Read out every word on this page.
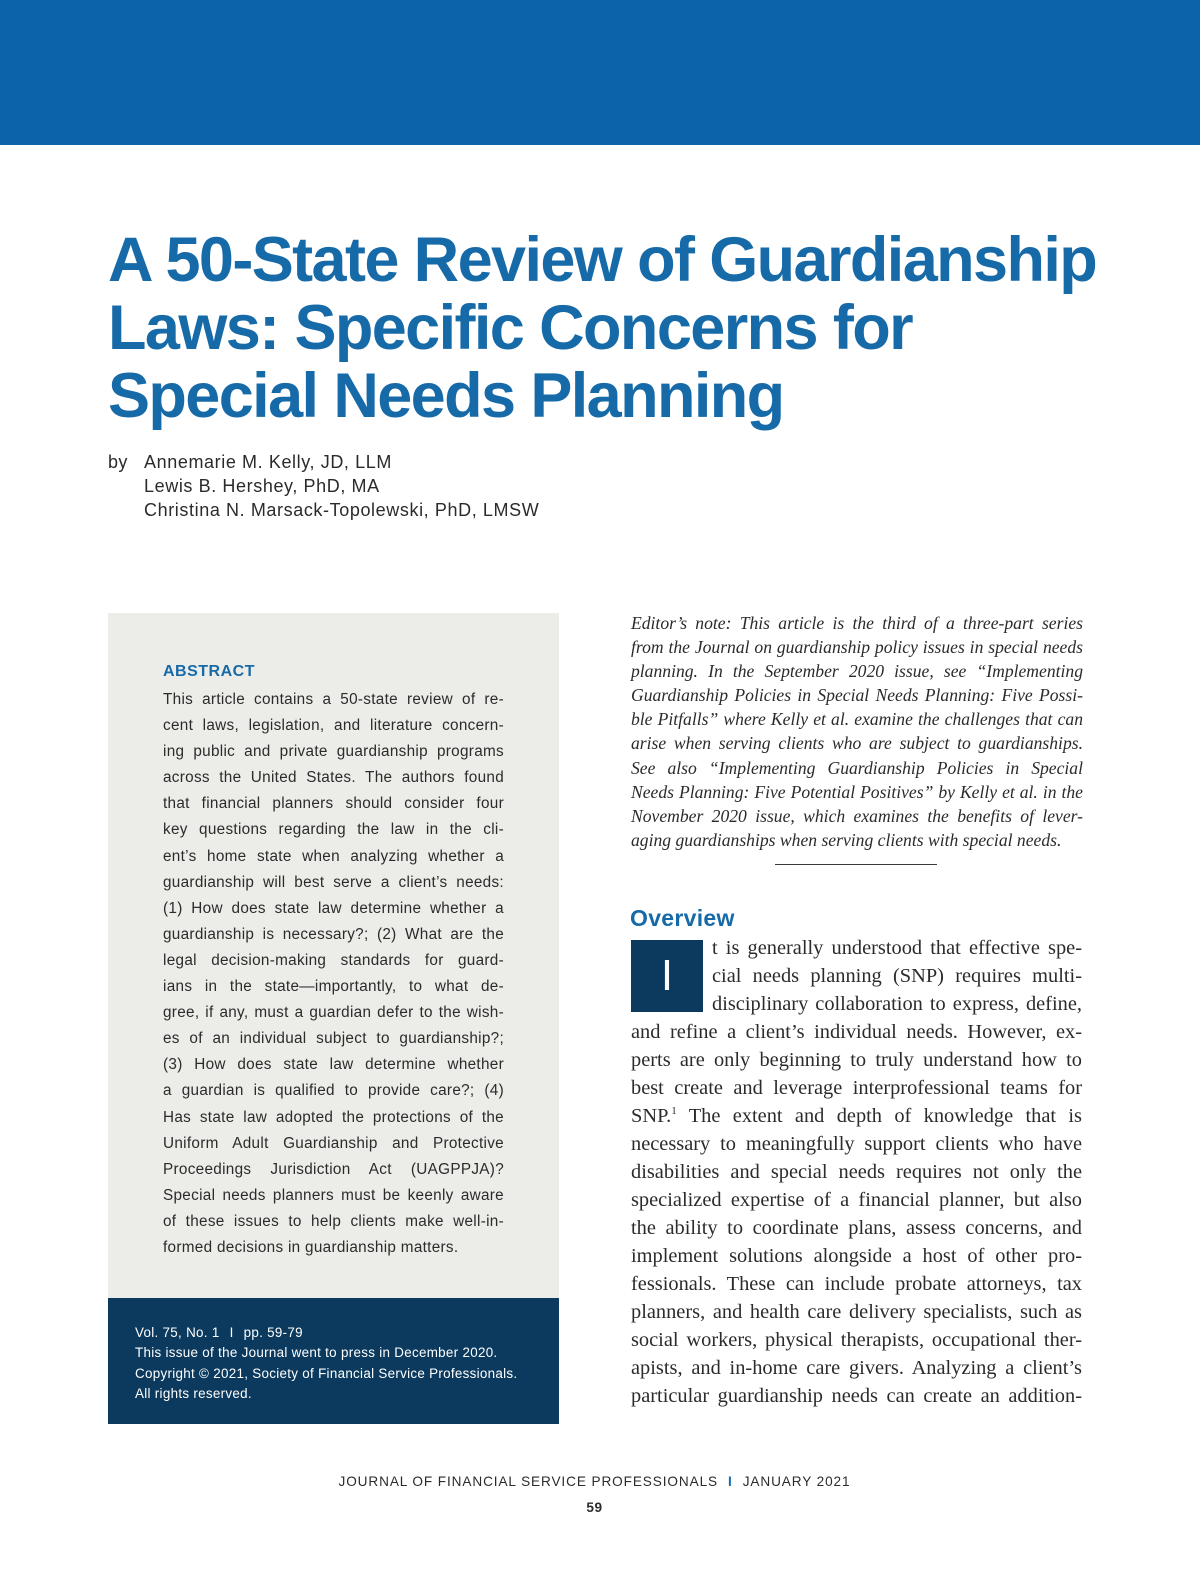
A 50-State Review of Guardianship
Laws: Specific Concerns for
Special Needs Planning
by Annemarie M. Kelly, JD, LLM
Lewis B. Hershey, PhD, MA
Christina N. Marsack-Topolewski, PhD, LMSW
ABSTRACT
This article contains a 50-state review of re-
cent laws, legislation, and literature concern-
ing public and private guardianship programs
across the United States. The authors found
that financial planners should consider four
key questions regarding the law in the cli-
ent’s home state when analyzing whether a
guardianship will best serve a client’s needs:
(1) How does state law determine whether a
guardianship is necessary?; (2) What are the
legal decision-making standards for guard-
ians in the state—importantly, to what de-
gree, if any, must a guardian defer to the wish-
es of an individual subject to guardianship?;
(3) How does state law determine whether
a guardian is qualified to provide care?; (4)
Has state law adopted the protections of the
Uniform Adult Guardianship and Protective
Proceedings Jurisdiction Act (UAGPPJA)?
Special needs planners must be keenly aware
of these issues to help clients make well-in-
formed decisions in guardianship matters.
Vol. 75, No. 1 I pp. 59-79
This issue of the Journal went to press in December 2020.
Copyright © 2021, Society of Financial Service Professionals.
All rights reserved.
Editor’s note: This article is the third of a three-part series
from the Journal on guardianship policy issues in special needs
planning. In the September 2020 issue, see “Implementing
Guardianship Policies in Special Needs Planning: Five Possi-
ble Pitfalls” where Kelly et al. examine the challenges that can
arise when serving clients who are subject to guardianships.
See also “Implementing Guardianship Policies in Special
Needs Planning: Five Potential Positives” by Kelly et al. in the
November 2020 issue, which examines the benefits of lever-
aging guardianships when serving clients with special needs.
Overview
I
t is generally understood that effective spe-
cial needs planning (SNP) requires multi-
disciplinary collaboration to express, define,
and refine a client’s individual needs. However, ex-
perts are only beginning to truly understand how to
best create and leverage interprofessional teams for
SNP.$^1$ The extent and depth of knowledge that is
necessary to meaningfully support clients who have
disabilities and special needs requires not only the
specialized expertise of a financial planner, but also
the ability to coordinate plans, assess concerns, and
implement solutions alongside a host of other pro-
fessionals. These can include probate attorneys, tax
planners, and health care delivery specialists, such as
social workers, physical therapists, occupational ther-
apists, and in-home care givers. Analyzing a client’s
particular guardianship needs can create an addition-
JOURNAL OF FINANCIAL SERVICE PROFESSIONALS I JANUARY 2021
59
